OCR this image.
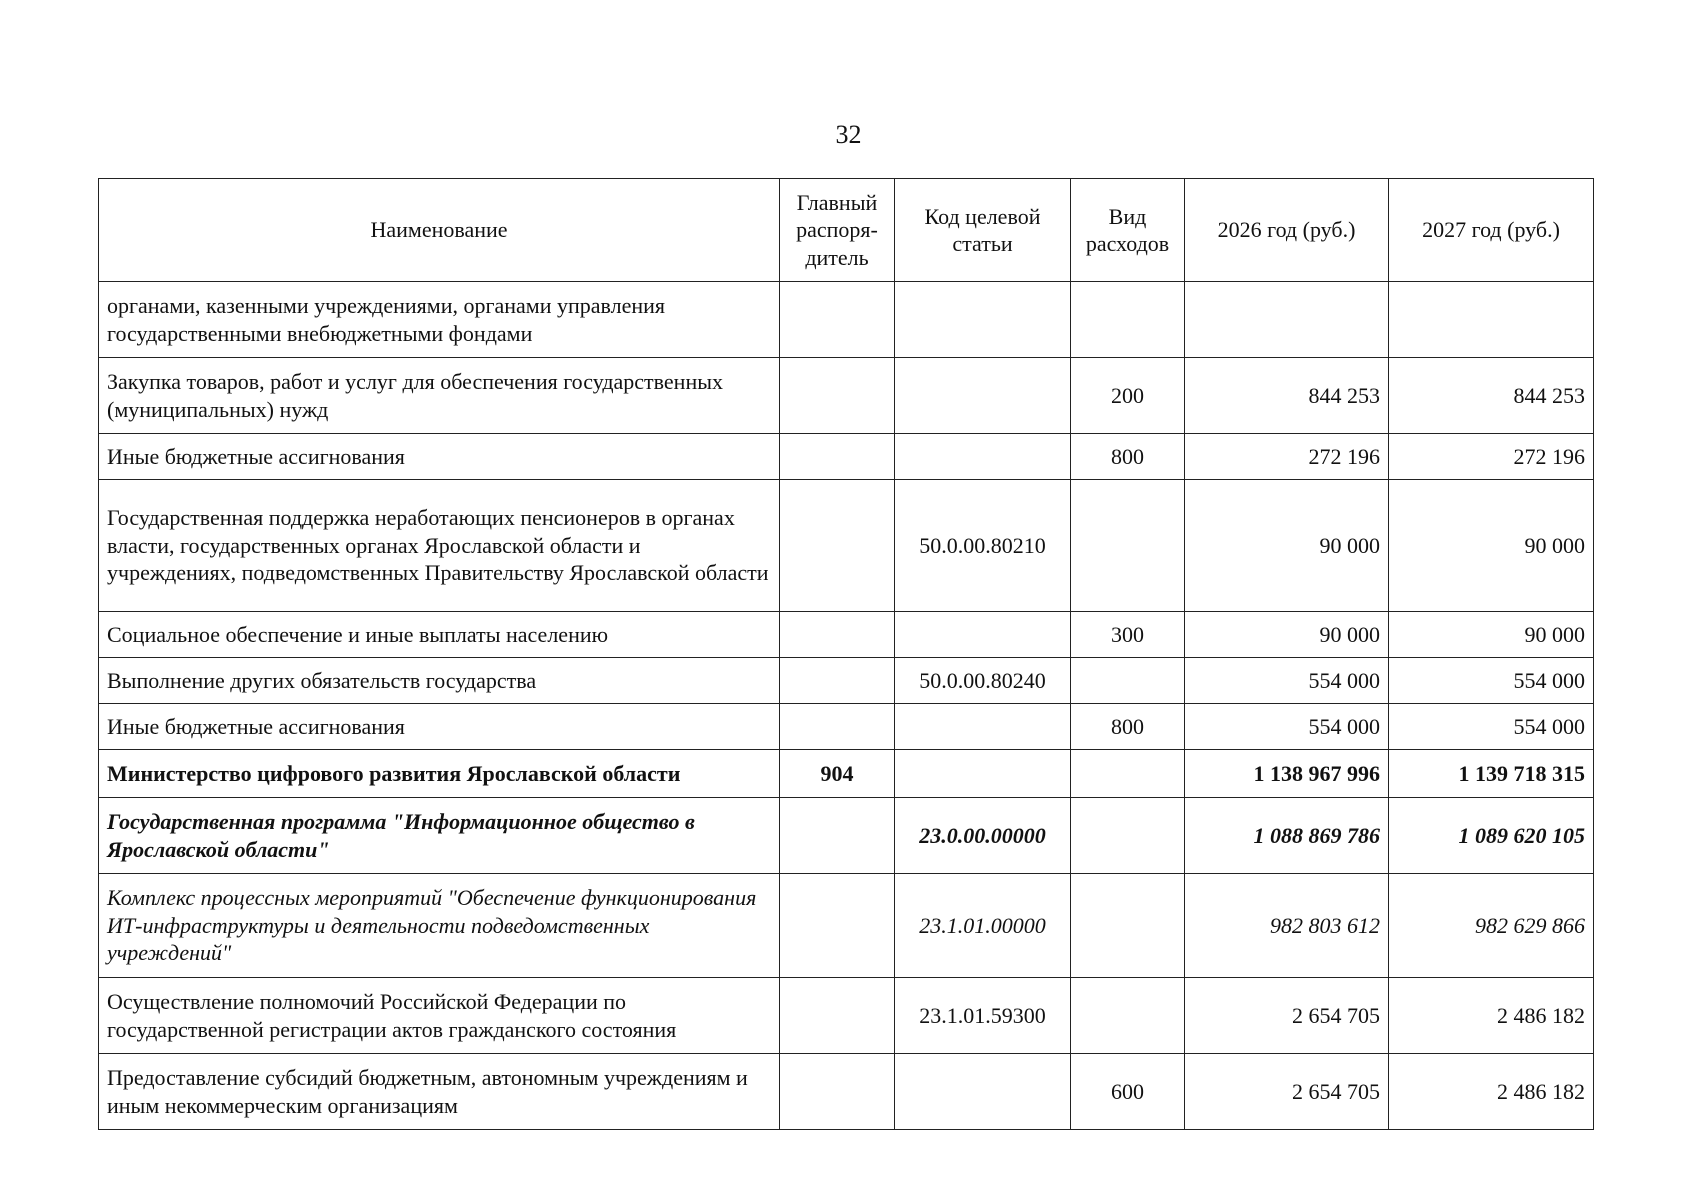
32
Наименование	Главный распоря-дитель	Код целевой статьи	Вид расходов	2026 год (руб.)	2027 год (руб.)
органами, казенными учреждениями, органами управления государственными внебюджетными фондами					
Закупка товаров, работ и услуг для обеспечения государственных (муниципальных) нужд			200	844 253	844 253
Иные бюджетные ассигнования			800	272 196	272 196
Государственная поддержка неработающих пенсионеров в органах власти, государственных органах Ярославской области и учреждениях, подведомственных Правительству Ярославской области		50.0.00.80210		90 000	90 000
Социальное обеспечение и иные выплаты населению			300	90 000	90 000
Выполнение других обязательств государства		50.0.00.80240		554 000	554 000
Иные бюджетные ассигнования			800	554 000	554 000
Министерство цифрового развития Ярославской области	904			1 138 967 996	1 139 718 315
Государственная программа "Информационное общество в Ярославской области"		23.0.00.00000		1 088 869 786	1 089 620 105
Комплекс процессных мероприятий "Обеспечение функционирования ИТ-инфраструктуры и деятельности подведомственных учреждений"		23.1.01.00000		982 803 612	982 629 866
Осуществление полномочий Российской Федерации по государственной регистрации актов гражданского состояния		23.1.01.59300		2 654 705	2 486 182
Предоставление субсидий бюджетным, автономным учреждениям и иным некоммерческим организациям			600	2 654 705	2 486 182
